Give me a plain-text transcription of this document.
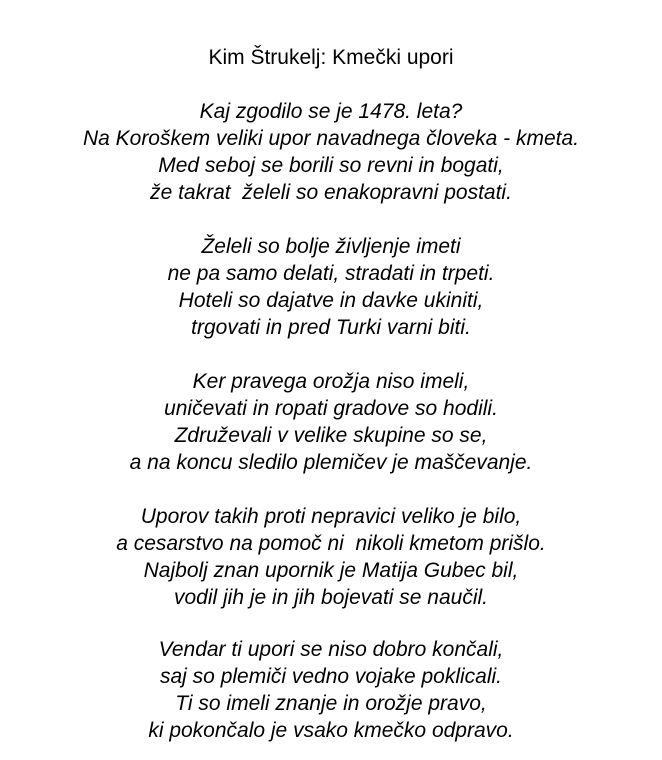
Kim Štrukelj: Kmečki upori
Kaj zgodilo se je 1478. leta?
Na Koroškem veliki upor navadnega človeka - kmeta.
Med seboj se borili so revni in bogati,
že takrat  želeli so enakopravni postati.
Želeli so bolje življenje imeti
ne pa samo delati, stradati in trpeti.
Hoteli so dajatve in davke ukiniti,
trgovati in pred Turki varni biti.
Ker pravega orožja niso imeli,
uničevati in ropati gradove so hodili.
Združevali v velike skupine so se,
a na koncu sledilo plemičev je maščevanje.
Uporov takih proti nepravici veliko je bilo,
a cesarstvo na pomoč ni  nikoli kmetom prišlo.
Najbolj znan upornik je Matija Gubec bil,
vodil jih je in jih bojevati se naučil.
Vendar ti upori se niso dobro končali,
saj so plemiči vedno vojake poklicali.
Ti so imeli znanje in orožje pravo,
ki pokončalo je vsako kmečko odpravo.
